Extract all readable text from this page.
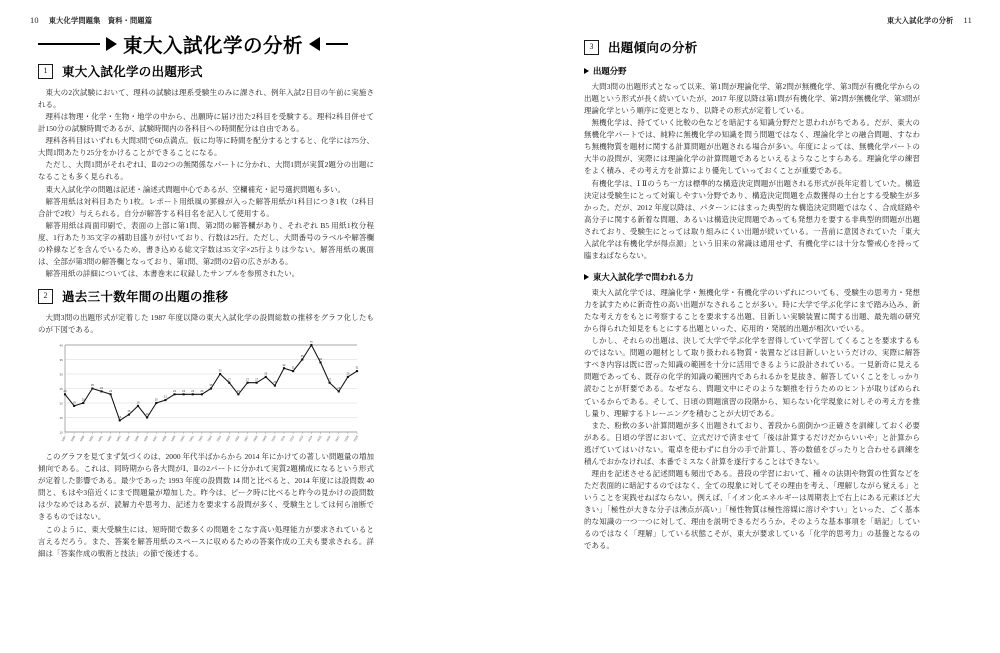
10 東大化学問題集　資料・問題篇	東大入試化学の分析 11
東大入試化学の分析
1	東大入試化学の出題形式

東大の2次試験において、理科の試験は理系受験生のみに課され、例年入試2日目の午前に実施される。

理科は物理・化学・生物・地学の中から、出願時に届け出た2科目を受験する。理科2科目併せて計150分の試験時間であるが、試験時間内の各科目への時間配分は自由である。

理科各科目はいずれも大問3問で60点満点。仮に均等に時間を配分するとすると、化学には75分、大問1問あたり25分をかけることができることになる。

ただし、大問1問がそれぞれⅠ、Ⅱの2つの無関係なパートに分かれ、大問1問が実質2題分の出題になることも多く見られる。

東大入試化学の問題は記述・論述式問題中心であるが、空欄補充・記号選択問題も多い。

解答用紙は対科目あたり1枚。レポート用紙風の罫線が入った解答用紙が1科目につき1枚（2科目合計で2枚）与えられる。自分が解答する科目名を記入して使用する。

解答用紙は両面印刷で、表面の上部に第1問、第2問の解答欄があり、それぞれ B5 用紙1枚分程度、1行あたり35文字の補助目盛りが付いており、行数は25行。ただし、大問番号のラベルや解答欄の枠線などを含んでいるため、書き込める総文字数は35文字×25行よりは少ない。解答用紙の裏面は、全部が第3問の解答欄となっており、第1問、第2問の2倍の広さがある。

解答用紙の詳細については、本書巻末に収録したサンプルを参照されたい。

2	過去三十数年間の出題の推移

大問3問の出題形式が定着した 1987 年度以降の東大入試化学の設問総数の推移をグラフ化したものが下図である。

10
15
20
25
30
35
40
1987 1988 1989 1990 1991 1992 1993 1994 1995 1996 1997 1998 1999 2000 2001 2002 2003 2004 2005 2006 2007 2008 2009 2010 2011 2012 2013 2014 2015 2016 2017 2018 2019
23
19
20
25
24
23
14
16
19
15
20
21
23 23 23 23
25
30
27
23
27 27
29
26
32
31
35
40
34
27
24
29
31

このグラフを見てまず気づくのは、2000 年代半ばからから 2014 年にかけての著しい問題量の増加傾向である。これは、同時期から各大問がⅠ、Ⅱの2パートに分かれて実質2題構成になるという形式が定着した影響である。最少であった 1993 年度の設問数 14 問と比べると、2014 年度には設問数 40 問と、もはや3倍近くにまで問題量が増加した。昨今は、ピーク時に比べると昨今の見かけの設問数は少なめではあるが、読解力や思考力、記述力を要求する設問が多く、受験生としては何ら油断できるものではない。

このように、東大受験生には、短時間で数多くの問題をこなす高い処理能力が要求されていると言えるだろう。また、答案を解答用紙のスペースに収めるための答案作成の工夫も要求される。詳細は「答案作成の戦術と技法」の節で後述する。

3	出題傾向の分析
出題分野

大問3問の出題形式となって以来、第1問が理論化学、第2問が無機化学、第3問が有機化学からの出題という形式が長く続いていたが、2017 年度以降は第1問が有機化学、第2問が無機化学、第3問が理論化学という順序に変更となり、以降その形式が定着している。

無機化学は、持てていく比較の色などを暗記する知識分野だと思われがちである。だが、東大の無機化学パートでは、純粋に無機化学の知識を問う問題ではなく、理論化学との融合問題、すなわち無機物質を題材に関する計算問題が出題される場合が多い。年度によっては、無機化学パートの大半の設問が、実際には理論化学の計算問題であるといえるようなことすらある。理論化学の練習をよく積み、その考え方を計算により優先していっておくことが重要である。

有機化学は、Ⅰ Ⅱのうち一方は標準的な構造決定問題が出題される形式が長年定着していた。構造決定は受験生にとって対策しやすい分野であり、構造決定問題を点数獲得の土台とする受験生が多かった。だが、2012 年度以降は、パターンにはまった典型的な構造決定問題ではなく、合成経路や高分子に関する新着な問題、あるいは構造決定問題であっても発想力を要する非典型的問題が出題されており、受験生にとっては取り組みにくい出題が続いている。一昔前に意図されていた「東大入試化学は有機化学が得点源」という旧来の常識は通用せず、有機化学には十分な警戒心を持って臨まねばならない。

東大入試化学で問われる力

東大入試化学では、理論化学・無機化学・有機化学のいずれについても、受験生の思考力・発想力を試すために新奇性の高い出題がなされることが多い。時に大学で学ぶ化学にまで踏み込み、新たな考え方をもとに考察することを要求する出題、目新しい実験装置に関する出題、最先端の研究から得られた知見をもとにする出題といった、応用的・発展的出題が相次いでいる。

しかし、それらの出題は、決して大学で学ぶ化学を習得していて学習してくることを要求するものではない。問題の題材として取り扱われる物質・装置などは目新しいというだけの、実際に解答すべき内容は既に習った知識の範囲を十分に活用できるように設計されている。一見新奇に見える問題であっても、既存の化学的知識の範囲内であられるかを見抜き、解答していくことをしっかり読むことが肝要である。なぜなら、問題文中にそのような類推を行うためのヒントが取りばめられているからである。そして、日頃の問題演習の段階から、知らない化学現象に対しその考え方を推し量り、理解するトレーニングを積むことが大切である。

また、粉飲の多い計算問題が多く出題されており、普段から面倒かつ正確さを訓練しておく必要がある。日頃の学習において、立式だけで済ませて「後は計算するだけだからいいや」と計算から逃げていてはいけない。電卓を使わずに自分の手で計算し、答の数値をぴったりと合わせる訓練を積んでおかなければ、本番でミスなく計算を遂行することはできない。

理由を記述させる記述問題も頻出である。普段の学習において、種々の法則や物質の性質などをただ表面的に暗記するのではなく、全ての現象に対してその理由を考え、「理解しながら覚える」ということを実践せねばならない。例えば、「イオン化エネルギーは周期表上で右上にある元素ほど大きい」「極性が大きな分子は沸点が高い」「極性物質は極性溶媒に溶けやすい」といった、ごく基本的な知識の一つ一つに対して、理由を説明できるだろうか。そのような基本事項を「暗記」しているのではなく「理解」している状態こそが、東大が要求している「化学的思考力」の基盤となるのである。
